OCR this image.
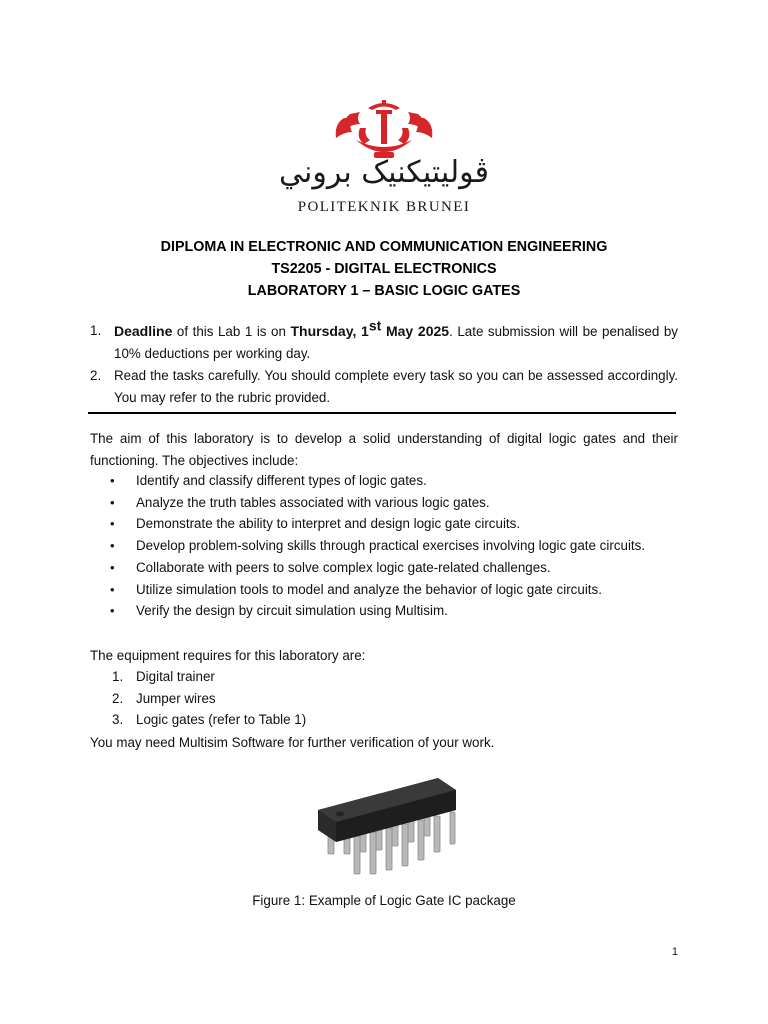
ڤوليتيکنيک بروني
POLITEKNIK BRUNEI
DIPLOMA IN ELECTRONIC AND COMMUNICATION ENGINEERING
TS2205 - DIGITAL ELECTRONICS
LABORATORY 1 – BASIC LOGIC GATES
1. Deadline of this Lab 1 is on Thursday, 1st May 2025. Late submission will be penalised by 10% deductions per working day.
2. Read the tasks carefully. You should complete every task so you can be assessed accordingly. You may refer to the rubric provided.
The aim of this laboratory is to develop a solid understanding of digital logic gates and their functioning. The objectives include:
• Identify and classify different types of logic gates.
• Analyze the truth tables associated with various logic gates.
• Demonstrate the ability to interpret and design logic gate circuits.
• Develop problem-solving skills through practical exercises involving logic gate circuits.
• Collaborate with peers to solve complex logic gate-related challenges.
• Utilize simulation tools to model and analyze the behavior of logic gate circuits.
• Verify the design by circuit simulation using Multisim.
The equipment requires for this laboratory are:
1. Digital trainer
2. Jumper wires
3. Logic gates (refer to Table 1)
You may need Multisim Software for further verification of your work.
Figure 1: Example of Logic Gate IC package
1
